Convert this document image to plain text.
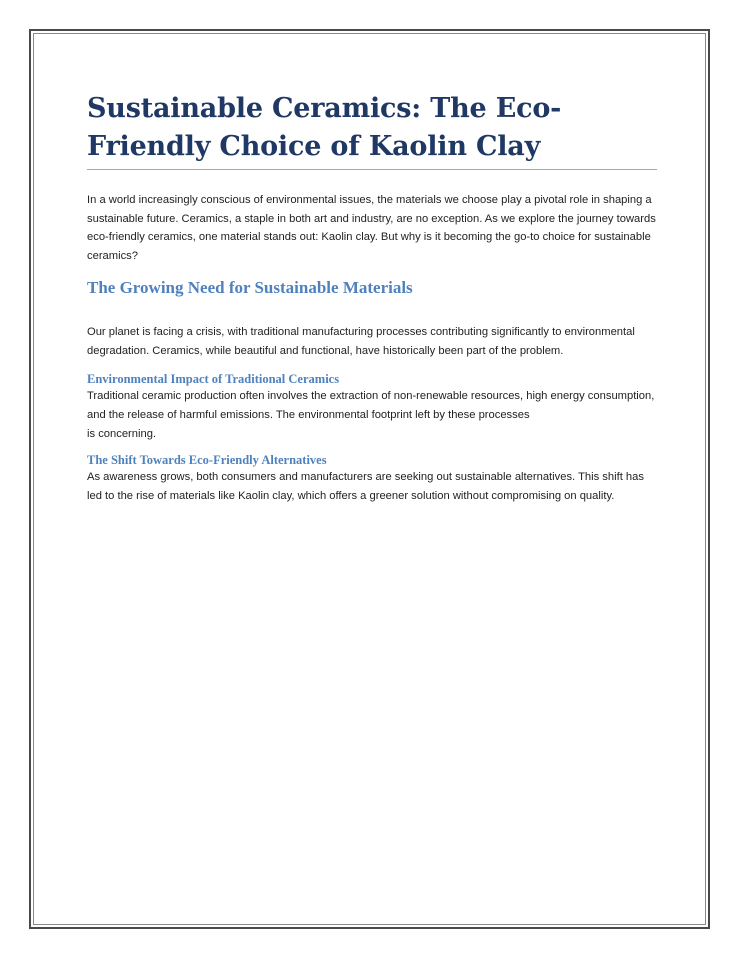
Sustainable Ceramics: The Eco-Friendly Choice of Kaolin Clay

In a world increasingly conscious of environmental issues, the materials we choose play a pivotal role in shaping a sustainable future. Ceramics, a staple in both art and industry, are no exception. As we explore the journey towards eco-friendly ceramics, one material stands out: Kaolin clay. But why is it becoming the go-to choice for sustainable ceramics?

The Growing Need for Sustainable Materials

Our planet is facing a crisis, with traditional manufacturing processes contributing significantly to environmental degradation. Ceramics, while beautiful and functional, have historically been part of the problem.

Environmental Impact of Traditional Ceramics

Traditional ceramic production often involves the extraction of non-renewable resources, high energy consumption, and the release of harmful emissions. The environmental footprint left by these processes
is concerning.

The Shift Towards Eco-Friendly Alternatives

As awareness grows, both consumers and manufacturers are seeking out sustainable alternatives. This shift has led to the rise of materials like Kaolin clay, which offers a greener solution without compromising on quality.
